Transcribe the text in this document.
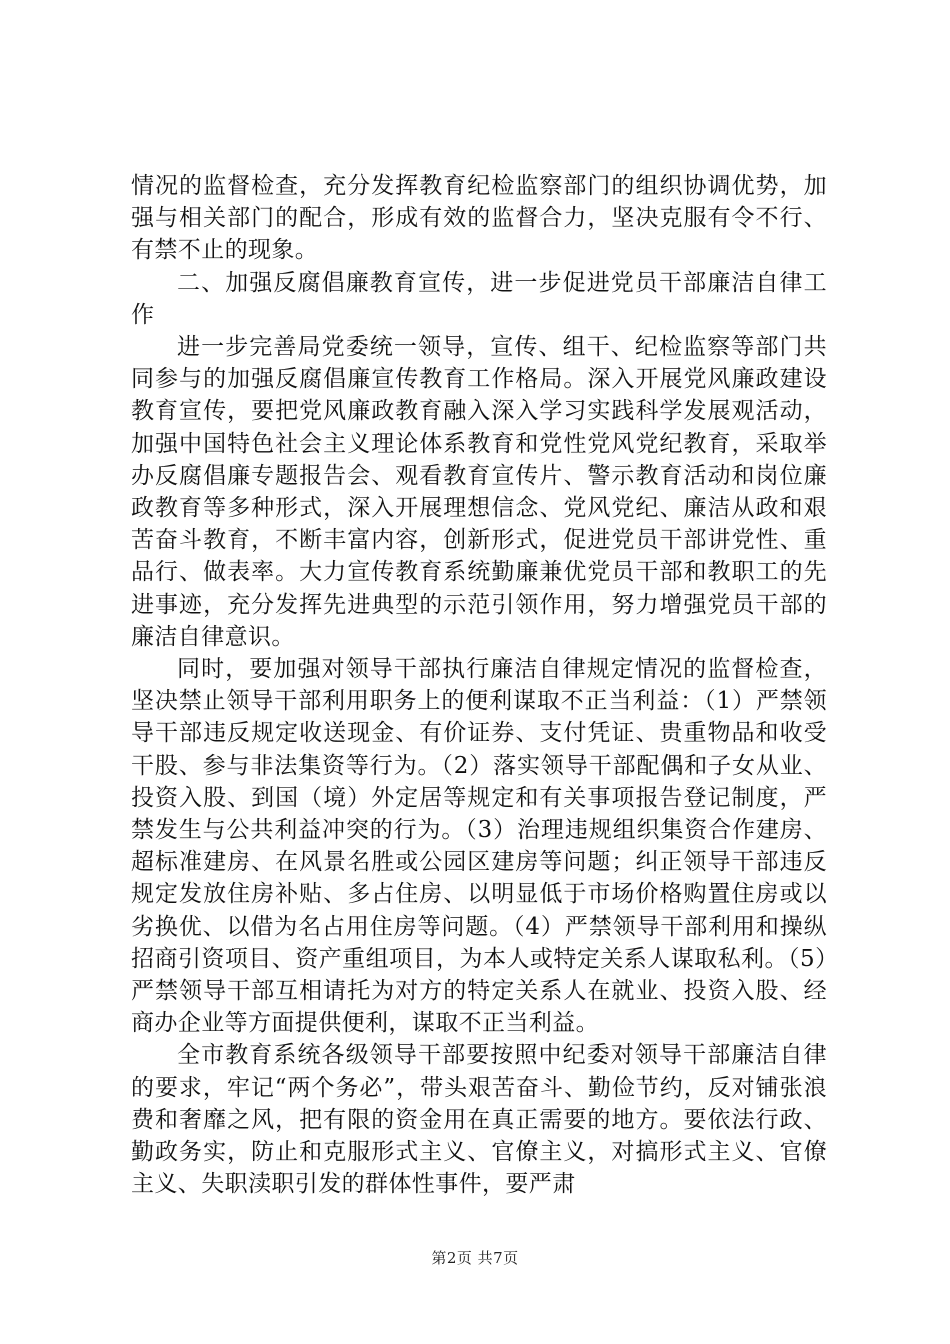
情况的监督检查，充分发挥教育纪检监察部门的组织协调优势，加强与相关部门的配合，形成有效的监督合力，坚决克服有令不行、有禁不止的现象。

二、加强反腐倡廉教育宣传，进一步促进党员干部廉洁自律工作

进一步完善局党委统一领导，宣传、组干、纪检监察等部门共同参与的加强反腐倡廉宣传教育工作格局。深入开展党风廉政建设教育宣传，要把党风廉政教育融入深入学习实践科学发展观活动，加强中国特色社会主义理论体系教育和党性党风党纪教育，采取举办反腐倡廉专题报告会、观看教育宣传片、警示教育活动和岗位廉政教育等多种形式，深入开展理想信念、党风党纪、廉洁从政和艰苦奋斗教育，不断丰富内容，创新形式，促进党员干部讲党性、重品行、做表率。大力宣传教育系统勤廉兼优党员干部和教职工的先进事迹，充分发挥先进典型的示范引领作用，努力增强党员干部的廉洁自律意识。

同时，要加强对领导干部执行廉洁自律规定情况的监督检查，坚决禁止领导干部利用职务上的便利谋取不正当利益：（1）严禁领导干部违反规定收送现金、有价证券、支付凭证、贵重物品和收受干股、参与非法集资等行为。（2）落实领导干部配偶和子女从业、投资入股、到国（境）外定居等规定和有关事项报告登记制度，严禁发生与公共利益冲突的行为。（3）治理违规组织集资合作建房、超标准建房、在风景名胜或公园区建房等问题；纠正领导干部违反规定发放住房补贴、多占住房、以明显低于市场价格购置住房或以劣换优、以借为名占用住房等问题。（4）严禁领导干部利用和操纵招商引资项目、资产重组项目，为本人或特定关系人谋取私利。（5）严禁领导干部互相请托为对方的特定关系人在就业、投资入股、经商办企业等方面提供便利，谋取不正当利益。

全市教育系统各级领导干部要按照中纪委对领导干部廉洁自律的要求，牢记“两个务必”，带头艰苦奋斗、勤俭节约，反对铺张浪费和奢靡之风，把有限的资金用在真正需要的地方。要依法行政、勤政务实，防止和克服形式主义、官僚主义，对搞形式主义、官僚主义、失职渎职引发的群体性事件，要严肃

第2页 共7页
